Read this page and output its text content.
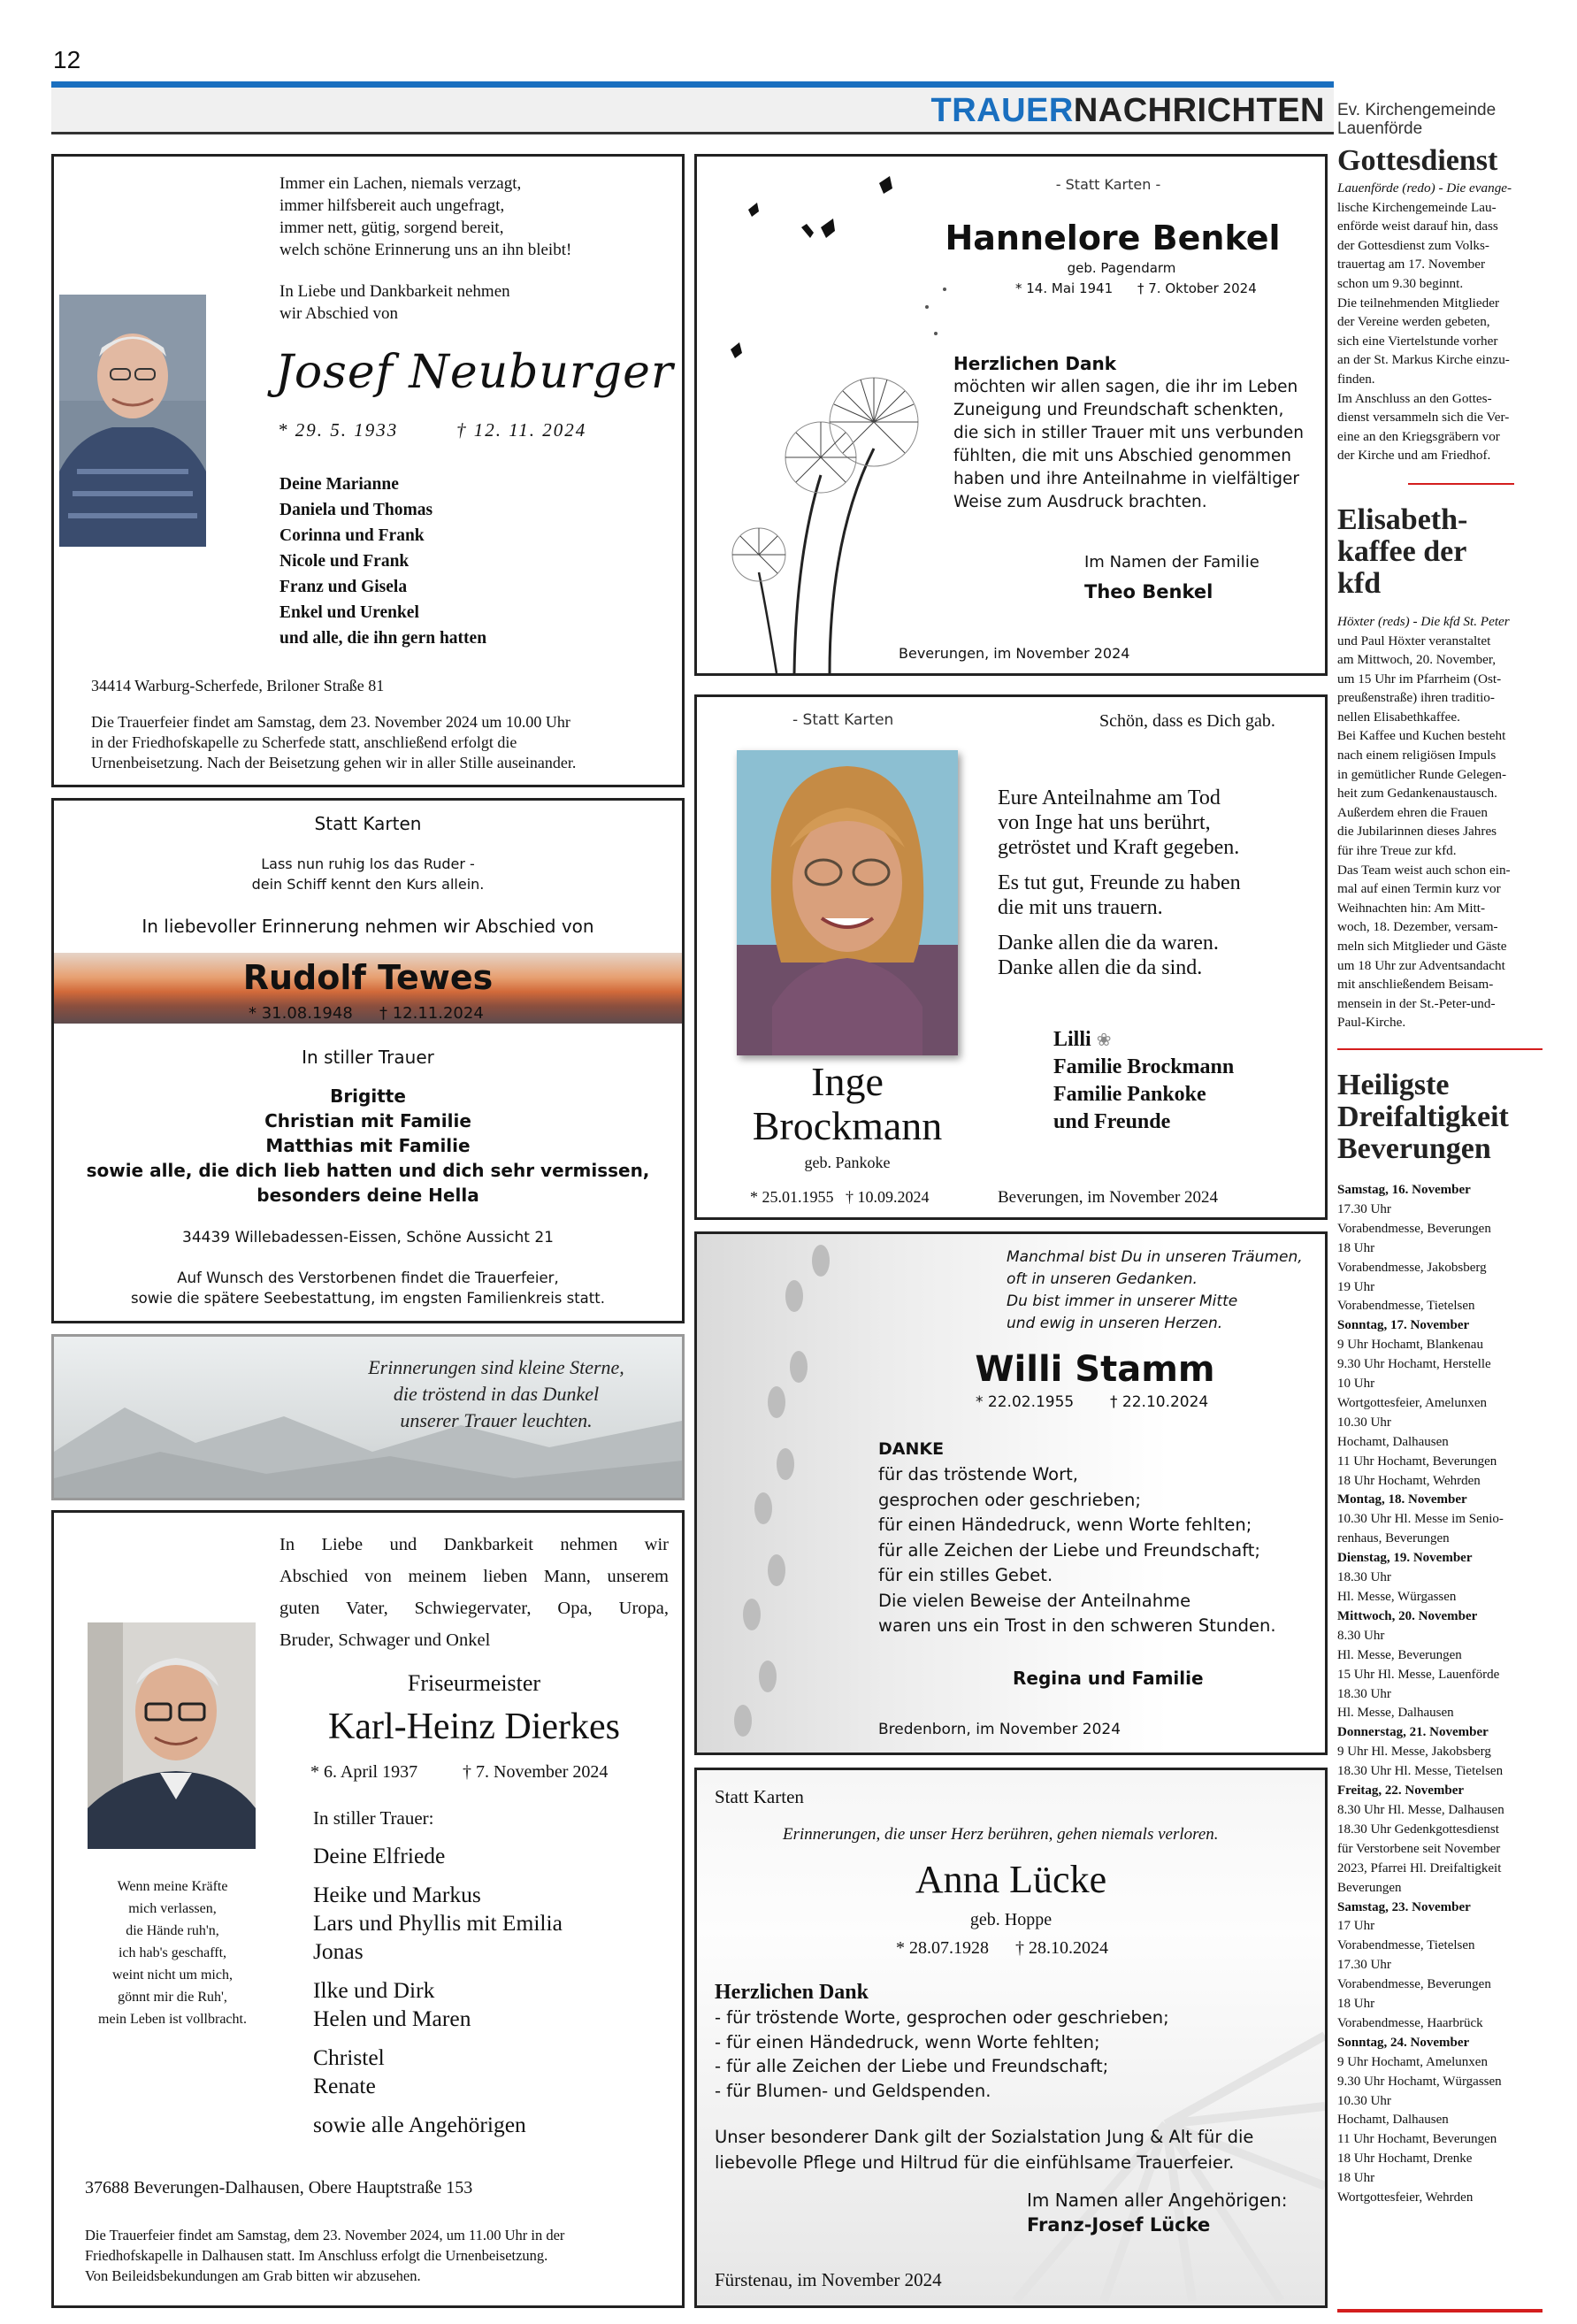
12
TRAUERNACHRICHTEN
Immer ein Lachen, niemals verzagt,
immer hilfsbereit auch ungefragt,
immer nett, gütig, sorgend bereit,
welch schöne Erinnerung uns an ihn bleibt!
In Liebe und Dankbarkeit nehmen
wir Abschied von
Josef Neuburger
* 29. 5. 1933	† 12. 11. 2024
Deine Marianne
Daniela und Thomas
Corinna und Frank
Nicole und Frank
Franz und Gisela
Enkel und Urenkel
und alle, die ihn gern hatten
34414 Warburg-Scherfede, Briloner Straße 81
Die Trauerfeier findet am Samstag, dem 23. November 2024 um 10.00 Uhr
in der Friedhofskapelle zu Scherfede statt, anschließend erfolgt die
Urnenbeisetzung. Nach der Beisetzung gehen wir in aller Stille auseinander.
- Statt Karten -
Hannelore Benkel
geb. Pagendarm
* 14. Mai 1941 † 7. Oktober 2024
Herzlichen Dank
möchten wir allen sagen, die ihr im Leben
Zuneigung und Freundschaft schenkten,
die sich in stiller Trauer mit uns verbunden
fühlten, die mit uns Abschied genommen
haben und ihre Anteilnahme in vielfältiger
Weise zum Ausdruck brachten.
Im Namen der Familie
Theo Benkel
Beverungen, im November 2024
Statt Karten
Lass nun ruhig los das Ruder -
dein Schiff kennt den Kurs allein.
In liebevoller Erinnerung nehmen wir Abschied von
Rudolf Tewes
* 31.08.1948 † 12.11.2024
In stiller Trauer
Brigitte
Christian mit Familie
Matthias mit Familie
sowie alle, die dich lieb hatten und dich sehr vermissen,
besonders deine Hella
34439 Willebadessen-Eissen, Schöne Aussicht 21
Auf Wunsch des Verstorbenen findet die Trauerfeier,
sowie die spätere Seebestattung, im engsten Familienkreis statt.
- Statt Karten	Schön, dass es Dich gab.
Eure Anteilnahme am Tod
von Inge hat uns berührt,
getröstet und Kraft gegeben.
Es tut gut, Freunde zu haben
die mit uns trauern.
Danke allen die da waren.
Danke allen die da sind.
Lilli ❀
Familie Brockmann
Familie Pankoke
und Freunde
Inge
Brockmann
geb. Pankoke
* 25.01.1955   † 10.09.2024	Beverungen, im November 2024
Erinnerungen sind kleine Sterne,
die tröstend in das Dunkel
unserer Trauer leuchten.
Manchmal bist Du in unseren Träumen,
oft in unseren Gedanken.
Du bist immer in unserer Mitte
und ewig in unseren Herzen.
Willi Stamm
* 22.02.1955 † 22.10.2024
DANKE
für das tröstende Wort,
gesprochen oder geschrieben;
für einen Händedruck, wenn Worte fehlten;
für alle Zeichen der Liebe und Freundschaft;
für ein stilles Gebet.
Die vielen Beweise der Anteilnahme
waren uns ein Trost in den schweren Stunden.
Regina und Familie
Bredenborn, im November 2024
In Liebe und Dankbarkeit nehmen wir
Abschied von meinem lieben Mann, unserem
guten Vater, Schwiegervater, Opa, Uropa,
Bruder, Schwager und Onkel
Friseurmeister
Karl-Heinz Dierkes
* 6. April 1937	† 7. November 2024
In stiller Trauer:
Deine Elfriede
Heike und Markus
Lars und Phyllis mit Emilia
Jonas
Ilke und Dirk
Helen und Maren
Christel
Renate
sowie alle Angehörigen
Wenn meine Kräfte
mich verlassen,
die Hände ruh'n,
ich hab's geschafft,
weint nicht um mich,
gönnt mir die Ruh',
mein Leben ist vollbracht.
37688 Beverungen-Dalhausen, Obere Hauptstraße 153
Die Trauerfeier findet am Samstag, dem 23. November 2024, um 11.00 Uhr in der
Friedhofskapelle in Dalhausen statt. Im Anschluss erfolgt die Urnenbeisetzung.
Von Beileidsbekundungen am Grab bitten wir abzusehen.
Statt Karten
Erinnerungen, die unser Herz berühren, gehen niemals verloren.
Anna Lücke
geb. Hoppe
* 28.07.1928 † 28.10.2024
Herzlichen Dank
- für tröstende Worte, gesprochen oder geschrieben;
- für einen Händedruck, wenn Worte fehlten;
- für alle Zeichen der Liebe und Freundschaft;
- für Blumen- und Geldspenden.
Unser besonderer Dank gilt der Sozialstation Jung & Alt für die
liebevolle Pflege und Hiltrud für die einfühlsame Trauerfeier.
Im Namen aller Angehörigen:
Franz-Josef Lücke
Fürstenau, im November 2024
Ev. Kirchengemeinde
Lauenförde

Gottesdienst

Lauenförde (redo) - Die evange-
lische Kirchengemeinde Lau-
enförde weist darauf hin, dass
der Gottesdienst zum Volks-
trauertag am 17. November
schon um 9.30 beginnt.
Die teilnehmenden Mitglieder
der Vereine werden gebeten,
sich eine Viertelstunde vorher
an der St. Markus Kirche einzu-
finden.
Im Anschluss an den Gottes-
dienst versammeln sich die Ver-
eine an den Kriegsgräbern vor
der Kirche und am Friedhof.
Elisabeth-
kaffee der
kfd
Höxter (reds) - Die kfd St. Peter
und Paul Höxter veranstaltet
am Mittwoch, 20. November,
um 15 Uhr im Pfarrheim (Ost-
preußenstraße) ihren traditio-
nellen Elisabethkaffee.
Bei Kaffee und Kuchen besteht
nach einem religiösen Impuls
in gemütlicher Runde Gelegen-
heit zum Gedankenaustausch.
Außerdem ehren die Frauen
die Jubilarinnen dieses Jahres
für ihre Treue zur kfd.
Das Team weist auch schon ein-
mal auf einen Termin kurz vor
Weihnachten hin: Am Mitt-
woch, 18. Dezember, versam-
meln sich Mitglieder und Gäste
um 18 Uhr zur Adventsandacht
mit anschließendem Beisam-
mensein in der St.-Peter-und-
Paul-Kirche.
Heiligste
Dreifaltigkeit
Beverungen
Samstag, 16. November
17.30 Uhr
Vorabendmesse, Beverungen
18 Uhr
Vorabendmesse, Jakobsberg
19 Uhr
Vorabendmesse, Tietelsen
Sonntag, 17. November
9 Uhr Hochamt, Blankenau
9.30 Uhr Hochamt, Herstelle
10 Uhr
Wortgottesfeier, Amelunxen
10.30 Uhr
Hochamt, Dalhausen
11 Uhr Hochamt, Beverungen
18 Uhr Hochamt, Wehrden
Montag, 18. November
10.30 Uhr Hl. Messe im Senio-
renhaus, Beverungen
Dienstag, 19. November
18.30 Uhr
Hl. Messe, Würgassen
Mittwoch, 20. November
8.30 Uhr
Hl. Messe, Beverungen
15 Uhr Hl. Messe, Lauenförde
18.30 Uhr
Hl. Messe, Dalhausen
Donnerstag, 21. November
9 Uhr Hl. Messe, Jakobsberg
18.30 Uhr Hl. Messe, Tietelsen
Freitag, 22. November
8.30 Uhr Hl. Messe, Dalhausen
18.30 Uhr Gedenkgottesdienst
für Verstorbene seit November
2023, Pfarrei Hl. Dreifaltigkeit
Beverungen
Samstag, 23. November
17 Uhr
Vorabendmesse, Tietelsen
17.30 Uhr
Vorabendmesse, Beverungen
18 Uhr
Vorabendmesse, Haarbrück
Sonntag, 24. November
9 Uhr Hochamt, Amelunxen
9.30 Uhr Hochamt, Würgassen
10.30 Uhr
Hochamt, Dalhausen
11 Uhr Hochamt, Beverungen
18 Uhr Hochamt, Drenke
18 Uhr
Wortgottesfeier, Wehrden
